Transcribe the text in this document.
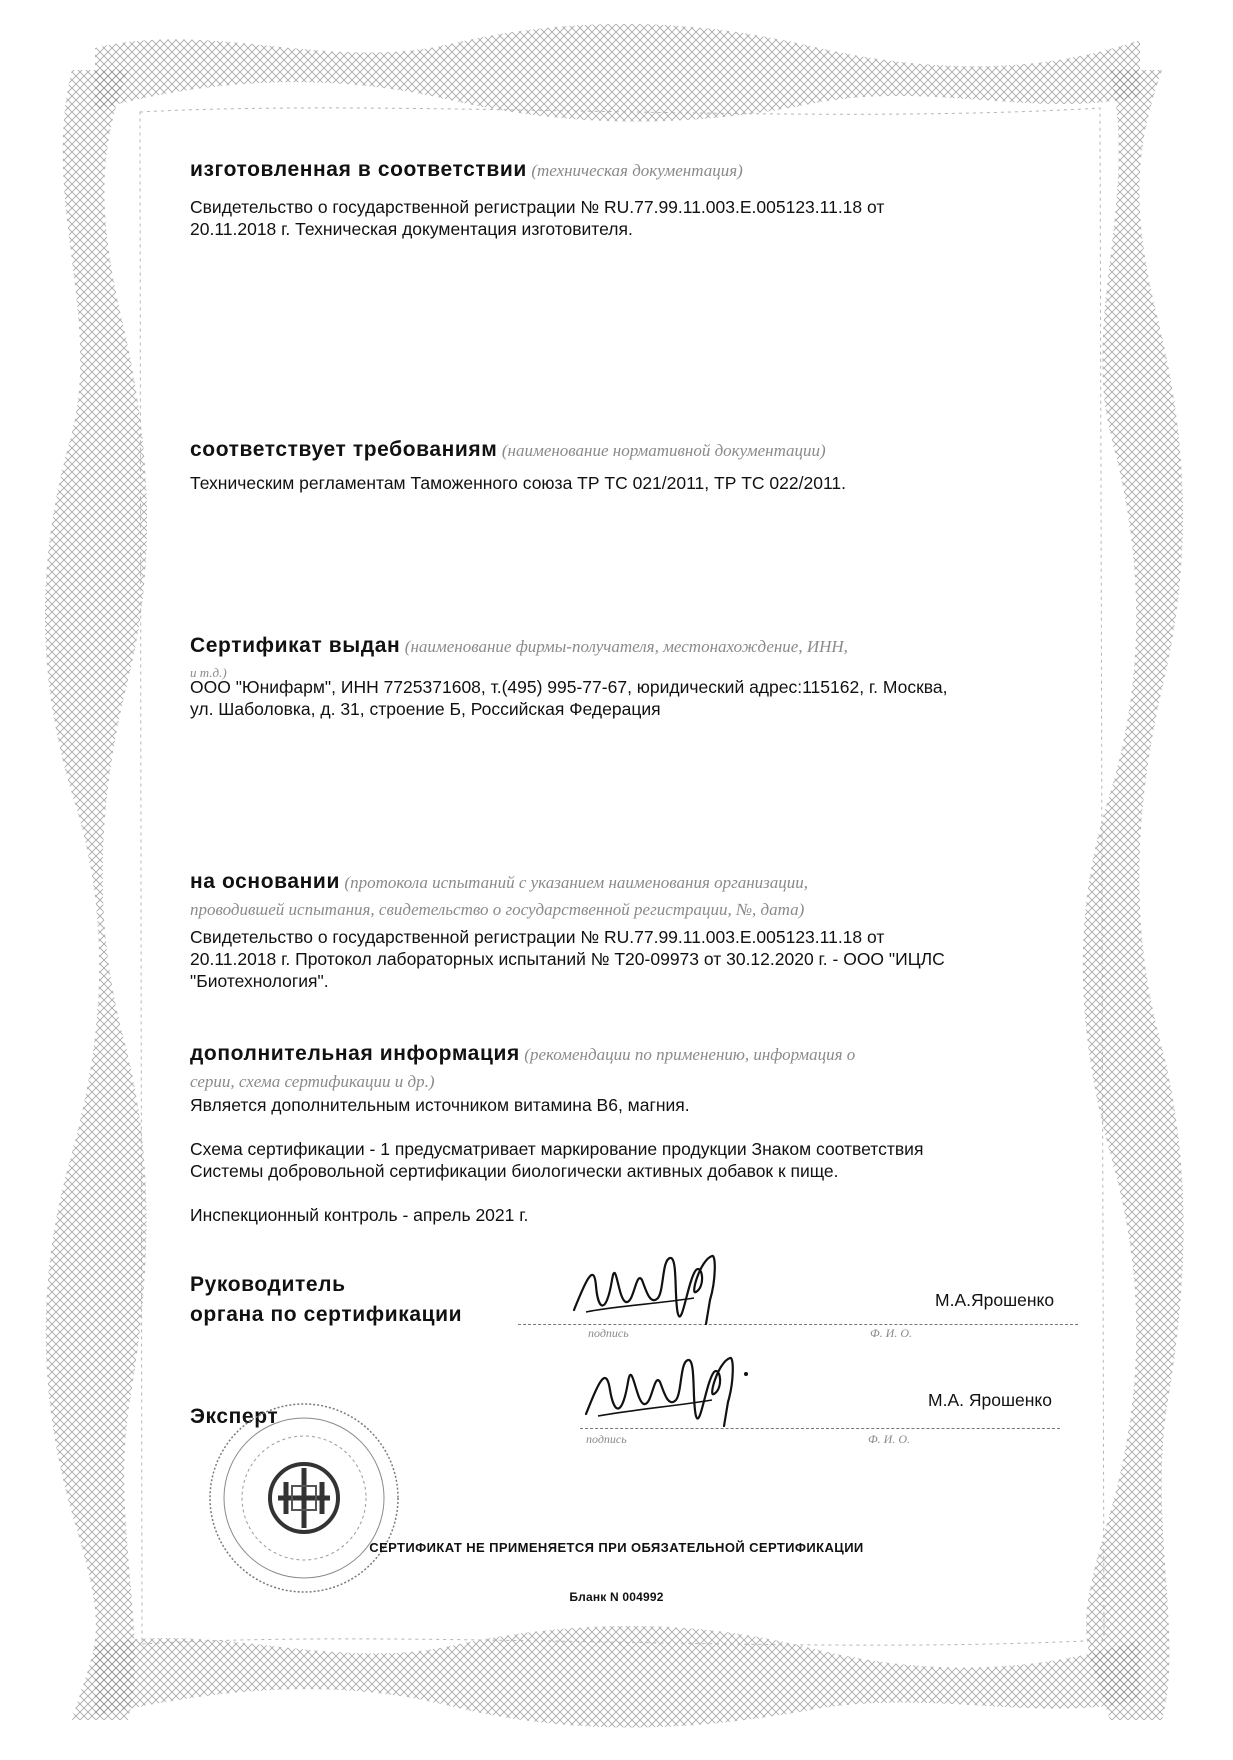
изготовленная в соответствии (техническая документация)
Свидетельство о государственной регистрации № RU.77.99.11.003.E.005123.11.18 от
20.11.2018 г. Техническая документация изготовителя.
соответствует требованиям (наименование нормативной документации)
Техническим регламентам Таможенного союза ТР ТС 021/2011, ТР ТС 022/2011.
Сертификат выдан (наименование фирмы-получателя, местонахождение, ИНН,
и т.д.)
ООО "Юнифарм", ИНН 7725371608, т.(495) 995-77-67, юридический адрес:115162, г. Москва,
ул. Шаболовка, д. 31, строение Б, Российская Федерация
на основании (протокола испытаний с указанием наименования организации,
проводившей испытания, свидетельство о государственной регистрации, №, дата)
Свидетельство о государственной регистрации № RU.77.99.11.003.E.005123.11.18 от
20.11.2018 г. Протокол лабораторных испытаний № Т20-09973 от 30.12.2020 г. - ООО "ИЦЛС
"Биотехнология".
дополнительная информация (рекомендации по применению, информация о
серии, схема сертификации и др.)
Является дополнительным источником витамина В6, магния.
Схема сертификации - 1 предусматривает маркирование продукции Знаком соответствия
Системы добровольной сертификации биологически активных добавок к пище.
Инспекционный контроль - апрель 2021 г.
Руководитель
органа по сертификации
подпись	Ф. И. О.
М.А.Ярошенко
Эксперт
подпись	Ф. И. О.
М.А. Ярошенко
СЕРТИФИКАТ НЕ ПРИМЕНЯЕТСЯ ПРИ ОБЯЗАТЕЛЬНОЙ СЕРТИФИКАЦИИ
Бланк N 004992
